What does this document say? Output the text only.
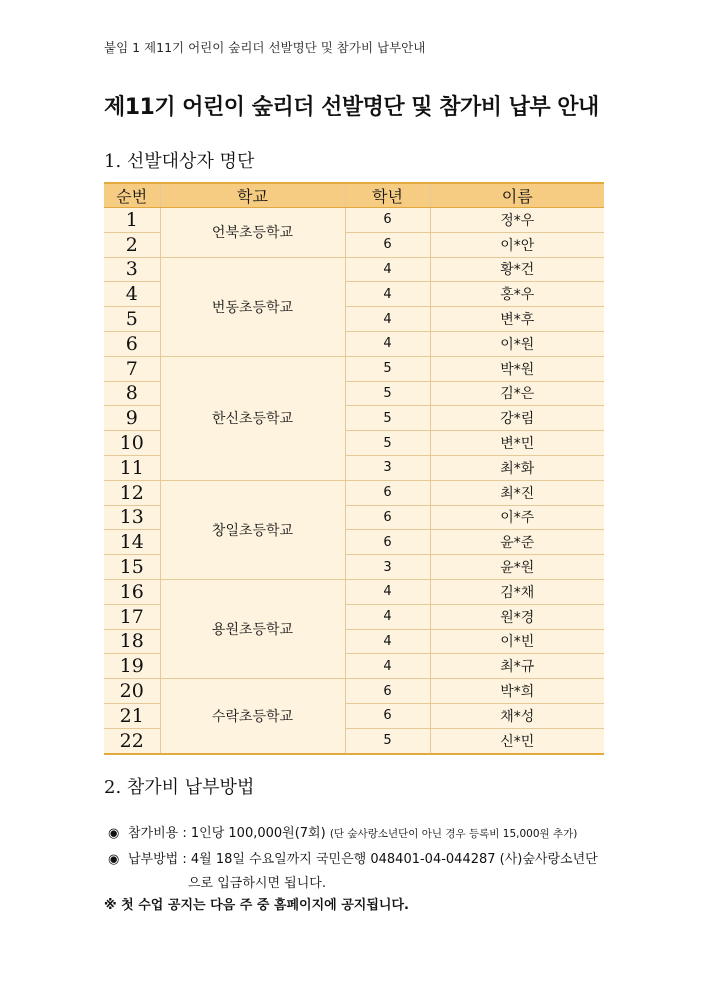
붙임 1 제11기 어린이 숲리더 선발명단 및 참가비 납부안내
제11기 어린이 숲리더 선발명단 및 참가비 납부 안내
1. 선발대상자 명단
순번	학교	학년	이름
1	언북초등학교	6	정*우
2		6	이*안
3	번동초등학교	4	황*건
4		4	홍*우
5		4	변*후
6		4	이*원
7	한신초등학교	5	박*원
8		5	김*은
9		5	강*림
10		5	변*민
11		3	최*화
12	창일초등학교	6	최*진
13		6	이*주
14		6	윤*준
15		3	윤*원
16	용원초등학교	4	김*채
17		4	원*경
18		4	이*빈
19		4	최*규
20	수락초등학교	6	박*희
21		6	채*성
22		5	신*민
2. 참가비 납부방법
◉ 참가비용 : 1인당 100,000원(7회) (단 숲사랑소년단이 아닌 경우 등록비 15,000원 추가)
◉ 납부방법 : 4월 18일 수요일까지 국민은행 048401-04-044287 (사)숲사랑소년단
으로 입금하시면 됩니다.
※ 첫 수업 공지는 다음 주 중 홈페이지에 공지됩니다.
